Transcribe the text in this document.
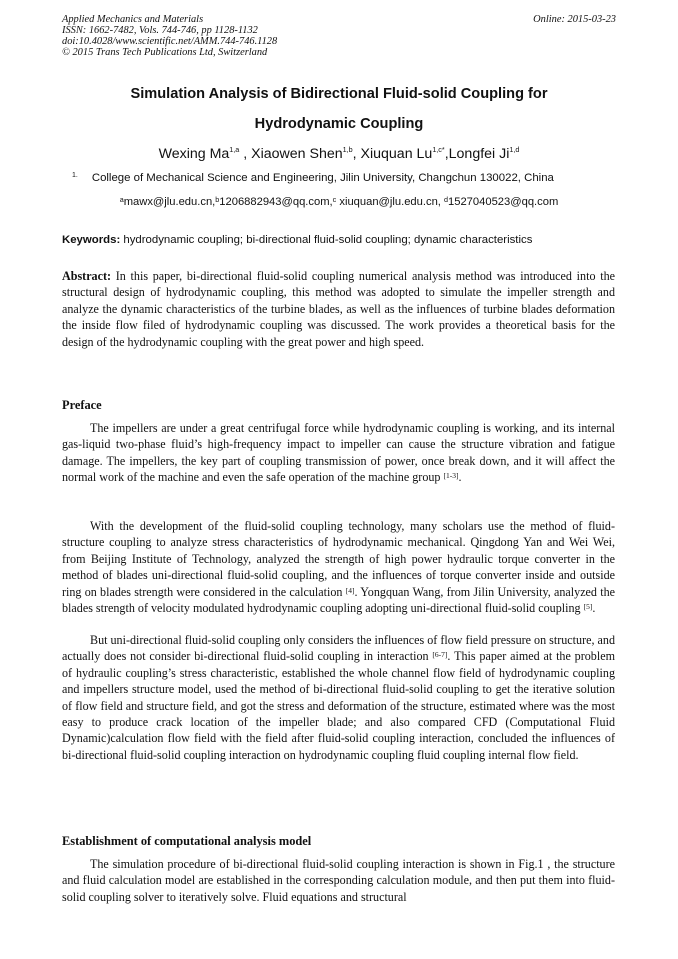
Applied Mechanics and Materials
ISSN: 1662-7482, Vols. 744-746, pp 1128-1132
doi:10.4028/www.scientific.net/AMM.744-746.1128
© 2015 Trans Tech Publications Ltd, Switzerland
Online: 2015-03-23
Simulation Analysis of Bidirectional Fluid-solid Coupling for
Hydrodynamic Coupling
Wexing Ma$^{1,a}$ , Xiaowen Shen$^{1,b}$, Xiuquan $Lu^{1,c*},Longfei$ Ji$^{1,d}$
$^{1.}$ College of Mechanical Science and Engineering, Jilin University, Changchun 130022, China
$^a$mawx@jlu.edu.cn,$^b$1206882943@qq.com,$^c$ xiuquan@jlu.edu.cn, $^d$1527040523@qq.com
Keywords: hydrodynamic coupling; bi-directional fluid-solid coupling; dynamic characteristics
Abstract: In this paper, bi-directional fluid-solid coupling numerical analysis method was introduced into the structural design of hydrodynamic coupling, this method was adopted to simulate the impeller strength and analyze the dynamic characteristics of the turbine blades, as well as the influences of turbine blades deformation the inside flow filed of hydrodynamic coupling was discussed. The work provides a theoretical basis for the design of the hydrodynamic coupling with the great power and high speed.
Preface
The impellers are under a great centrifugal force while hydrodynamic coupling is working, and its internal gas-liquid two-phase fluid’s high-frequency impact to impeller can cause the structure vibration and fatigue damage. The impellers, the key part of coupling transmission of power, once break down, and it will affect the normal work of the machine and even the safe operation of the machine group [1-3].
With the development of the fluid-solid coupling technology, many scholars use the method of fluid-structure coupling to analyze stress characteristics of hydrodynamic mechanical. Qingdong Yan and Wei Wei, from Beijing Institute of Technology, analyzed the strength of high power hydraulic torque converter in the method of blades uni-directional fluid-solid coupling, and the influences of torque converter inside and outside ring on blades strength were considered in the calculation [4]. Yongquan Wang, from Jilin University, analyzed the blades strength of velocity modulated hydrodynamic coupling adopting uni-directional fluid-solid coupling [5].
But uni-directional fluid-solid coupling only considers the influences of flow field pressure on structure, and actually does not consider bi-directional fluid-solid coupling in interaction [6-7]. This paper aimed at the problem of hydraulic coupling’s stress characteristic, established the whole channel flow field of hydrodynamic coupling and impellers structure model, used the method of bi-directional fluid-solid coupling to get the iterative solution of flow field and structure field, and got the stress and deformation of the structure, estimated where was the most easy to produce crack location of the impeller blade; and also compared CFD (Computational Fluid Dynamic)calculation flow field with the field after fluid-solid coupling interaction, concluded the influences of bi-directional fluid-solid coupling interaction on hydrodynamic coupling fluid coupling internal flow field.
Establishment of computational analysis model
The simulation procedure of bi-directional fluid-solid coupling interaction is shown in Fig.1 , the structure and fluid calculation model are established in the corresponding calculation module, and then put them into fluid-solid coupling solver to iteratively solve. Fluid equations and structural
